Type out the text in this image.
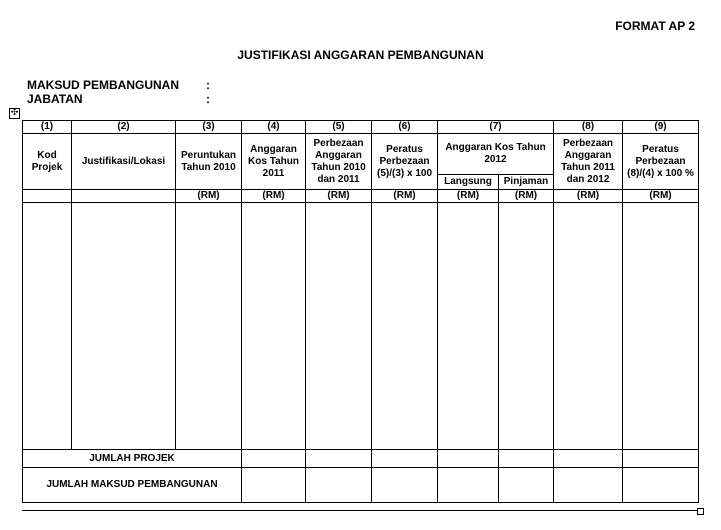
FORMAT AP 2
JUSTIFIKASI ANGGARAN PEMBANGUNAN
MAKSUD PEMBANGUNAN :
JABATAN	:
✣
(1)	(2)	(3)	(4)	(5)	(6)	(7)		(8)	(9)
Kod Projek	Justifikasi/Lokasi	Peruntukan Tahun 2010	Anggaran Kos Tahun 2011	Perbezaan Anggaran Tahun 2010 dan 2011	Peratus Perbezaan (5)/(3) x 100	Anggaran Kos Tahun 2012		Perbezaan Anggaran Tahun 2011 dan 2012	Peratus Perbezaan (8)/(4) x 100 %
						Langsung	Pinjaman		
		(RM)	(RM)	(RM)	(RM)	(RM)	(RM)	(RM)	(RM)

JUMLAH PROJEK									
JUMLAH MAKSUD PEMBANGUNAN									
